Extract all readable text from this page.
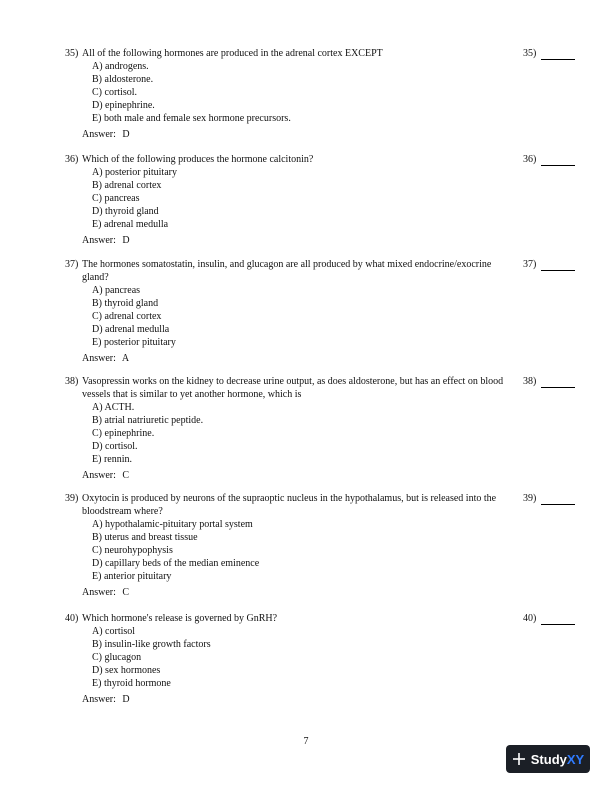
35) All of the following hormones are produced in the adrenal cortex EXCEPT
A) androgens.
B) aldosterone.
C) cortisol.
D) epinephrine.
E) both male and female sex hormone precursors.
Answer: D
35)
36) Which of the following produces the hormone calcitonin?
A) posterior pituitary
B) adrenal cortex
C) pancreas
D) thyroid gland
E) adrenal medulla
Answer: D
36)
37) The hormones somatostatin, insulin, and glucagon are all produced by what mixed endocrine/exocrine gland?
A) pancreas
B) thyroid gland
C) adrenal cortex
D) adrenal medulla
E) posterior pituitary
Answer: A
37)
38) Vasopressin works on the kidney to decrease urine output, as does aldosterone, but has an effect on blood vessels that is similar to yet another hormone, which is
A) ACTH.
B) atrial natriuretic peptide.
C) epinephrine.
D) cortisol.
E) rennin.
Answer: C
38)
39) Oxytocin is produced by neurons of the supraoptic nucleus in the hypothalamus, but is released into the bloodstream where?
A) hypothalamic-pituitary portal system
B) uterus and breast tissue
C) neurohypophysis
D) capillary beds of the median eminence
E) anterior pituitary
Answer: C
39)
40) Which hormone's release is governed by GnRH?
A) cortisol
B) insulin-like growth factors
C) glucagon
D) sex hormones
E) thyroid hormone
Answer: D
40)
7
StudyXY
